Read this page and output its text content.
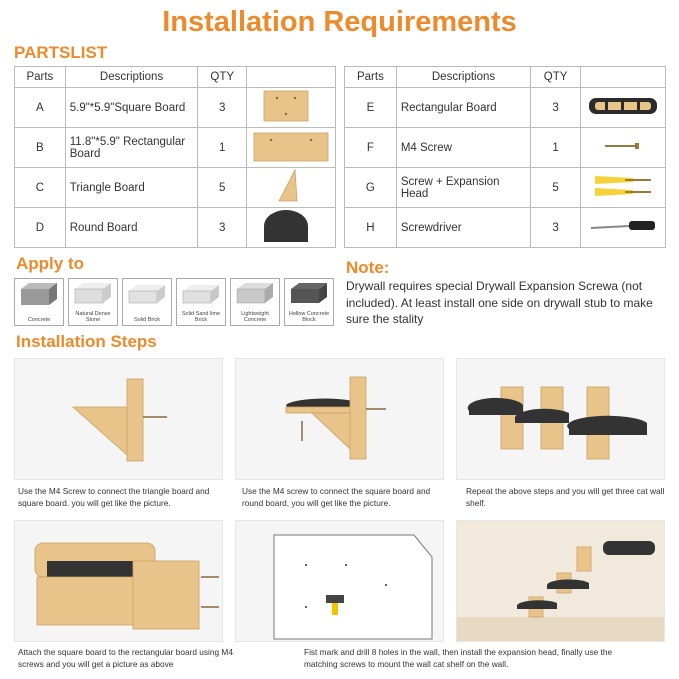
Installation Requirements
PARTSLIST
Parts	Descriptions	QTY	
A	5.9"*5.9"Square Board	3	
B	11.8"*5.9" Rectangular Board	1	
C	Triangle Board	5	
D	Round Board	3	
Parts	Descriptions	QTY	
E	Rectangular Board	3	
F	M4 Screw	1	
G	Screw + Expansion Head	5	
H	Screwdriver	3	
Apply to
Concrete
Natural Dense Stone	Solid Brick
Solid Sand lime Brick
Lightweight Concrete
Hollow Concrete Block
Note:
Drywall requires special Drywall Expansion Screwa (not included). At least install one side on drywall stub to make sure the stality
Installation Steps
Use the M4 Screw to connect the triangle board and square board. you will get like the picture.
Use the M4 screw to connect the square board and round board, you will get like the picture.
Repeat the above steps and you will get three cat wall shelf.
Attach the square board to the rectangular board using M4 screws and you will get a picture as above
Fist mark and drill 8 holes in the wall, then install the expansion head, finally use the matching screws to mount the wall cat shelf on the wall.
